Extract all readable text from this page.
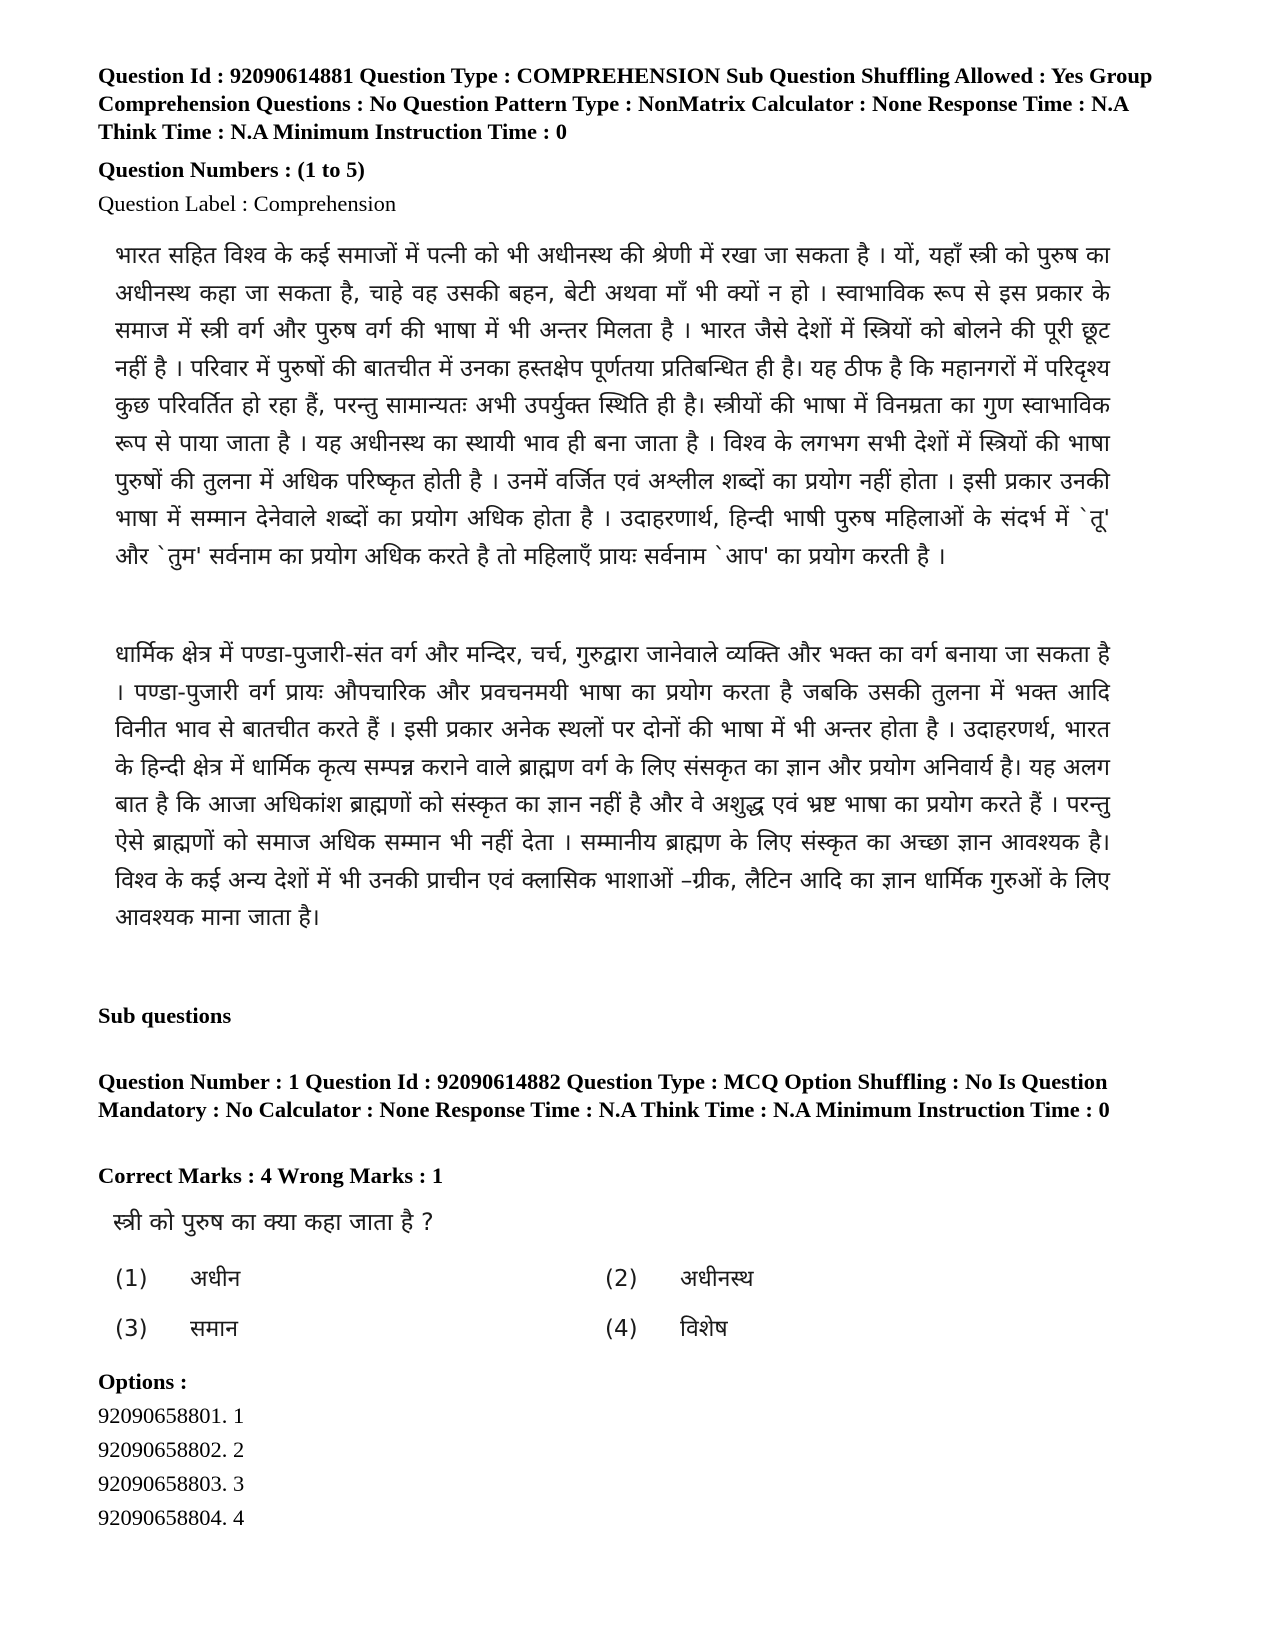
Question Id : 92090614881 Question Type : COMPREHENSION Sub Question Shuffling Allowed : Yes Group Comprehension Questions : No Question Pattern Type : NonMatrix Calculator : None Response Time : N.A Think Time : N.A Minimum Instruction Time : 0

Question Numbers : (1 to 5)

Question Label : Comprehension

भारत सहित विश्व के कई समाजों में पत्नी को भी अधीनस्थ की श्रेणी में रखा जा सकता है । यों, यहाँ स्त्री को पुरुष का अधीनस्थ कहा जा सकता है, चाहे वह उसकी बहन, बेटी अथवा माँ भी क्यों न हो । स्वाभाविक रूप से इस प्रकार के समाज में स्त्री वर्ग और पुरुष वर्ग की भाषा में भी अन्तर मिलता है । भारत जैसे देशों में स्त्रियों को बोलने की पूरी छूट नहीं है । परिवार में पुरुषों की बातचीत में उनका हस्तक्षेप पूर्णतया प्रतिबन्धित ही है। यह ठीफ है कि महानगरों में परिदृश्य कुछ परिवर्तित हो रहा हैं, परन्तु सामान्यतः अभी उपर्युक्त स्थिति ही है। स्त्रीयों की भाषा में विनम्रता का गुण स्वाभाविक रूप से पाया जाता है । यह अधीनस्थ का स्थायी भाव ही बना जाता है । विश्व के लगभग सभी देशों में स्त्रियों की भाषा पुरुषों की तुलना में अधिक परिष्कृत होती है । उनमें वर्जित एवं अश्लील शब्दों का प्रयोग नहीं होता । इसी प्रकार उनकी भाषा में सम्मान देनेवाले शब्दों का प्रयोग अधिक होता है । उदाहरणार्थ, हिन्दी भाषी पुरुष महिलाओं के संदर्भ में `तू' और `तुम' सर्वनाम का प्रयोग अधिक करते है तो महिलाएँ प्रायः सर्वनाम `आप' का प्रयोग करती है ।

धार्मिक क्षेत्र में पण्डा-पुजारी-संत वर्ग और मन्दिर, चर्च, गुरुद्वारा जानेवाले व्यक्ति और भक्त का वर्ग बनाया जा सकता है । पण्डा-पुजारी वर्ग प्रायः औपचारिक और प्रवचनमयी भाषा का प्रयोग करता है जबकि उसकी तुलना में भक्त आदि विनीत भाव से बातचीत करते हैं । इसी प्रकार अनेक स्थलों पर दोनों की भाषा में भी अन्तर होता है । उदाहरणर्थ, भारत के हिन्दी क्षेत्र में धार्मिक कृत्य सम्पन्न कराने वाले ब्राह्मण वर्ग के लिए संसकृत का ज्ञान और प्रयोग अनिवार्य है। यह अलग बात है कि आजा अधिकांश ब्राह्मणों को संस्कृत का ज्ञान नहीं है और वे अशुद्ध एवं भ्रष्ट भाषा का प्रयोग करते हैं । परन्तु ऐसे ब्राह्मणों को समाज अधिक सम्मान भी नहीं देता । सम्मानीय ब्राह्मण के लिए संस्कृत का अच्छा ज्ञान आवश्यक है। विश्व के कई अन्य देशों में भी उनकी प्राचीन एवं क्लासिक भाशाओं –ग्रीक, लैटिन आदि का ज्ञान धार्मिक गुरुओं के लिए आवश्यक माना जाता है।

Sub questions

Question Number : 1 Question Id : 92090614882 Question Type : MCQ Option Shuffling : No Is Question Mandatory : No Calculator : None Response Time : N.A Think Time : N.A Minimum Instruction Time : 0

Correct Marks : 4 Wrong Marks : 1

स्त्री को पुरुष का क्या कहा जाता है ?

(1)	अधीन	(2)	अधीनस्थ
(3)	समान	(4)	विशेष

Options :

92090658801. 1
92090658802. 2
92090658803. 3
92090658804. 4
